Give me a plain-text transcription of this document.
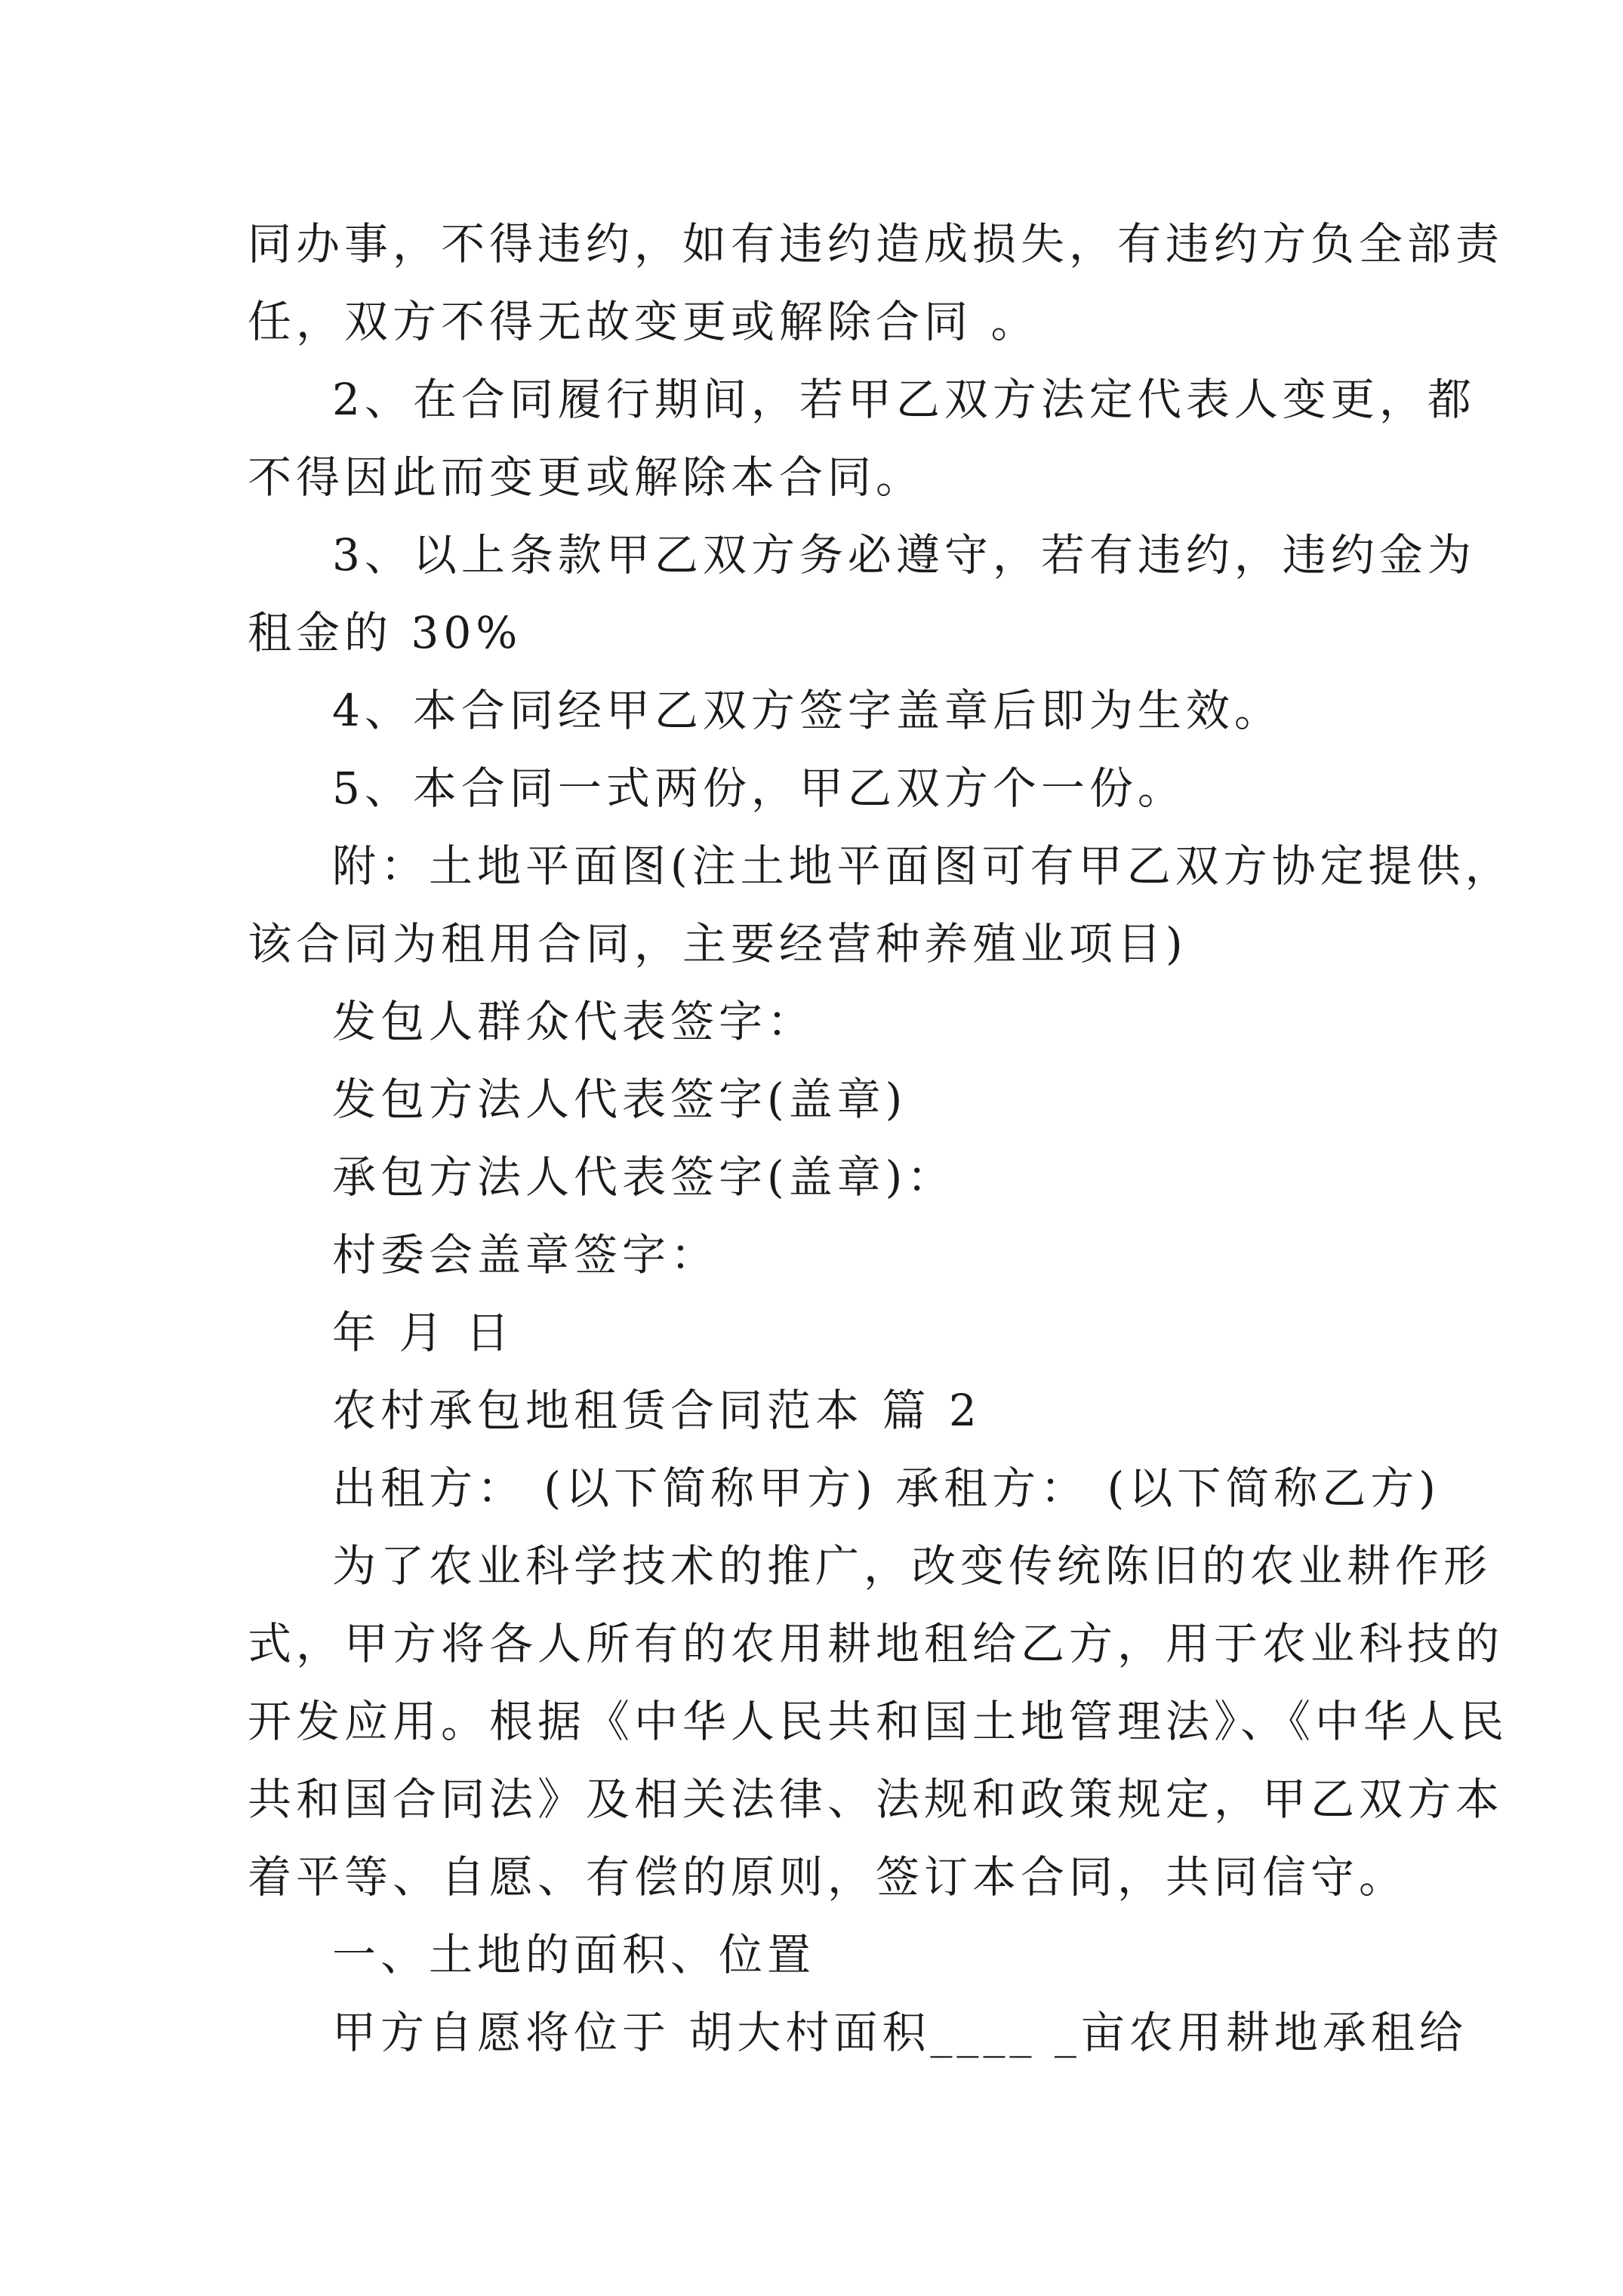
同办事，不得违约，如有违约造成损失，有违约方负全部责

任，双方不得无故变更或解除合同 。

2、在合同履行期间，若甲乙双方法定代表人变更，都

不得因此而变更或解除本合同。

3、以上条款甲乙双方务必遵守，若有违约，违约金为

租金的 30%

4、本合同经甲乙双方签字盖章后即为生效。

5、本合同一式两份，甲乙双方个一份。

附：土地平面图(注土地平面图可有甲乙双方协定提供，

该合同为租用合同，主要经营种养殖业项目)

发包人群众代表签字：

发包方法人代表签字(盖章)

承包方法人代表签字(盖章)：

村委会盖章签字：

年 月 日

农村承包地租赁合同范本 篇 2

出租方： (以下简称甲方) 承租方： (以下简称乙方)

为了农业科学技术的推广，改变传统陈旧的农业耕作形

式，甲方将各人所有的农用耕地租给乙方，用于农业科技的

开发应用。根据《中华人民共和国土地管理法》、《中华人民

共和国合同法》及相关法律、法规和政策规定，甲乙双方本

着平等、自愿、有偿的原则，签订本合同，共同信守。

一、土地的面积、位置

甲方自愿将位于 胡大村面积____ _亩农用耕地承租给
